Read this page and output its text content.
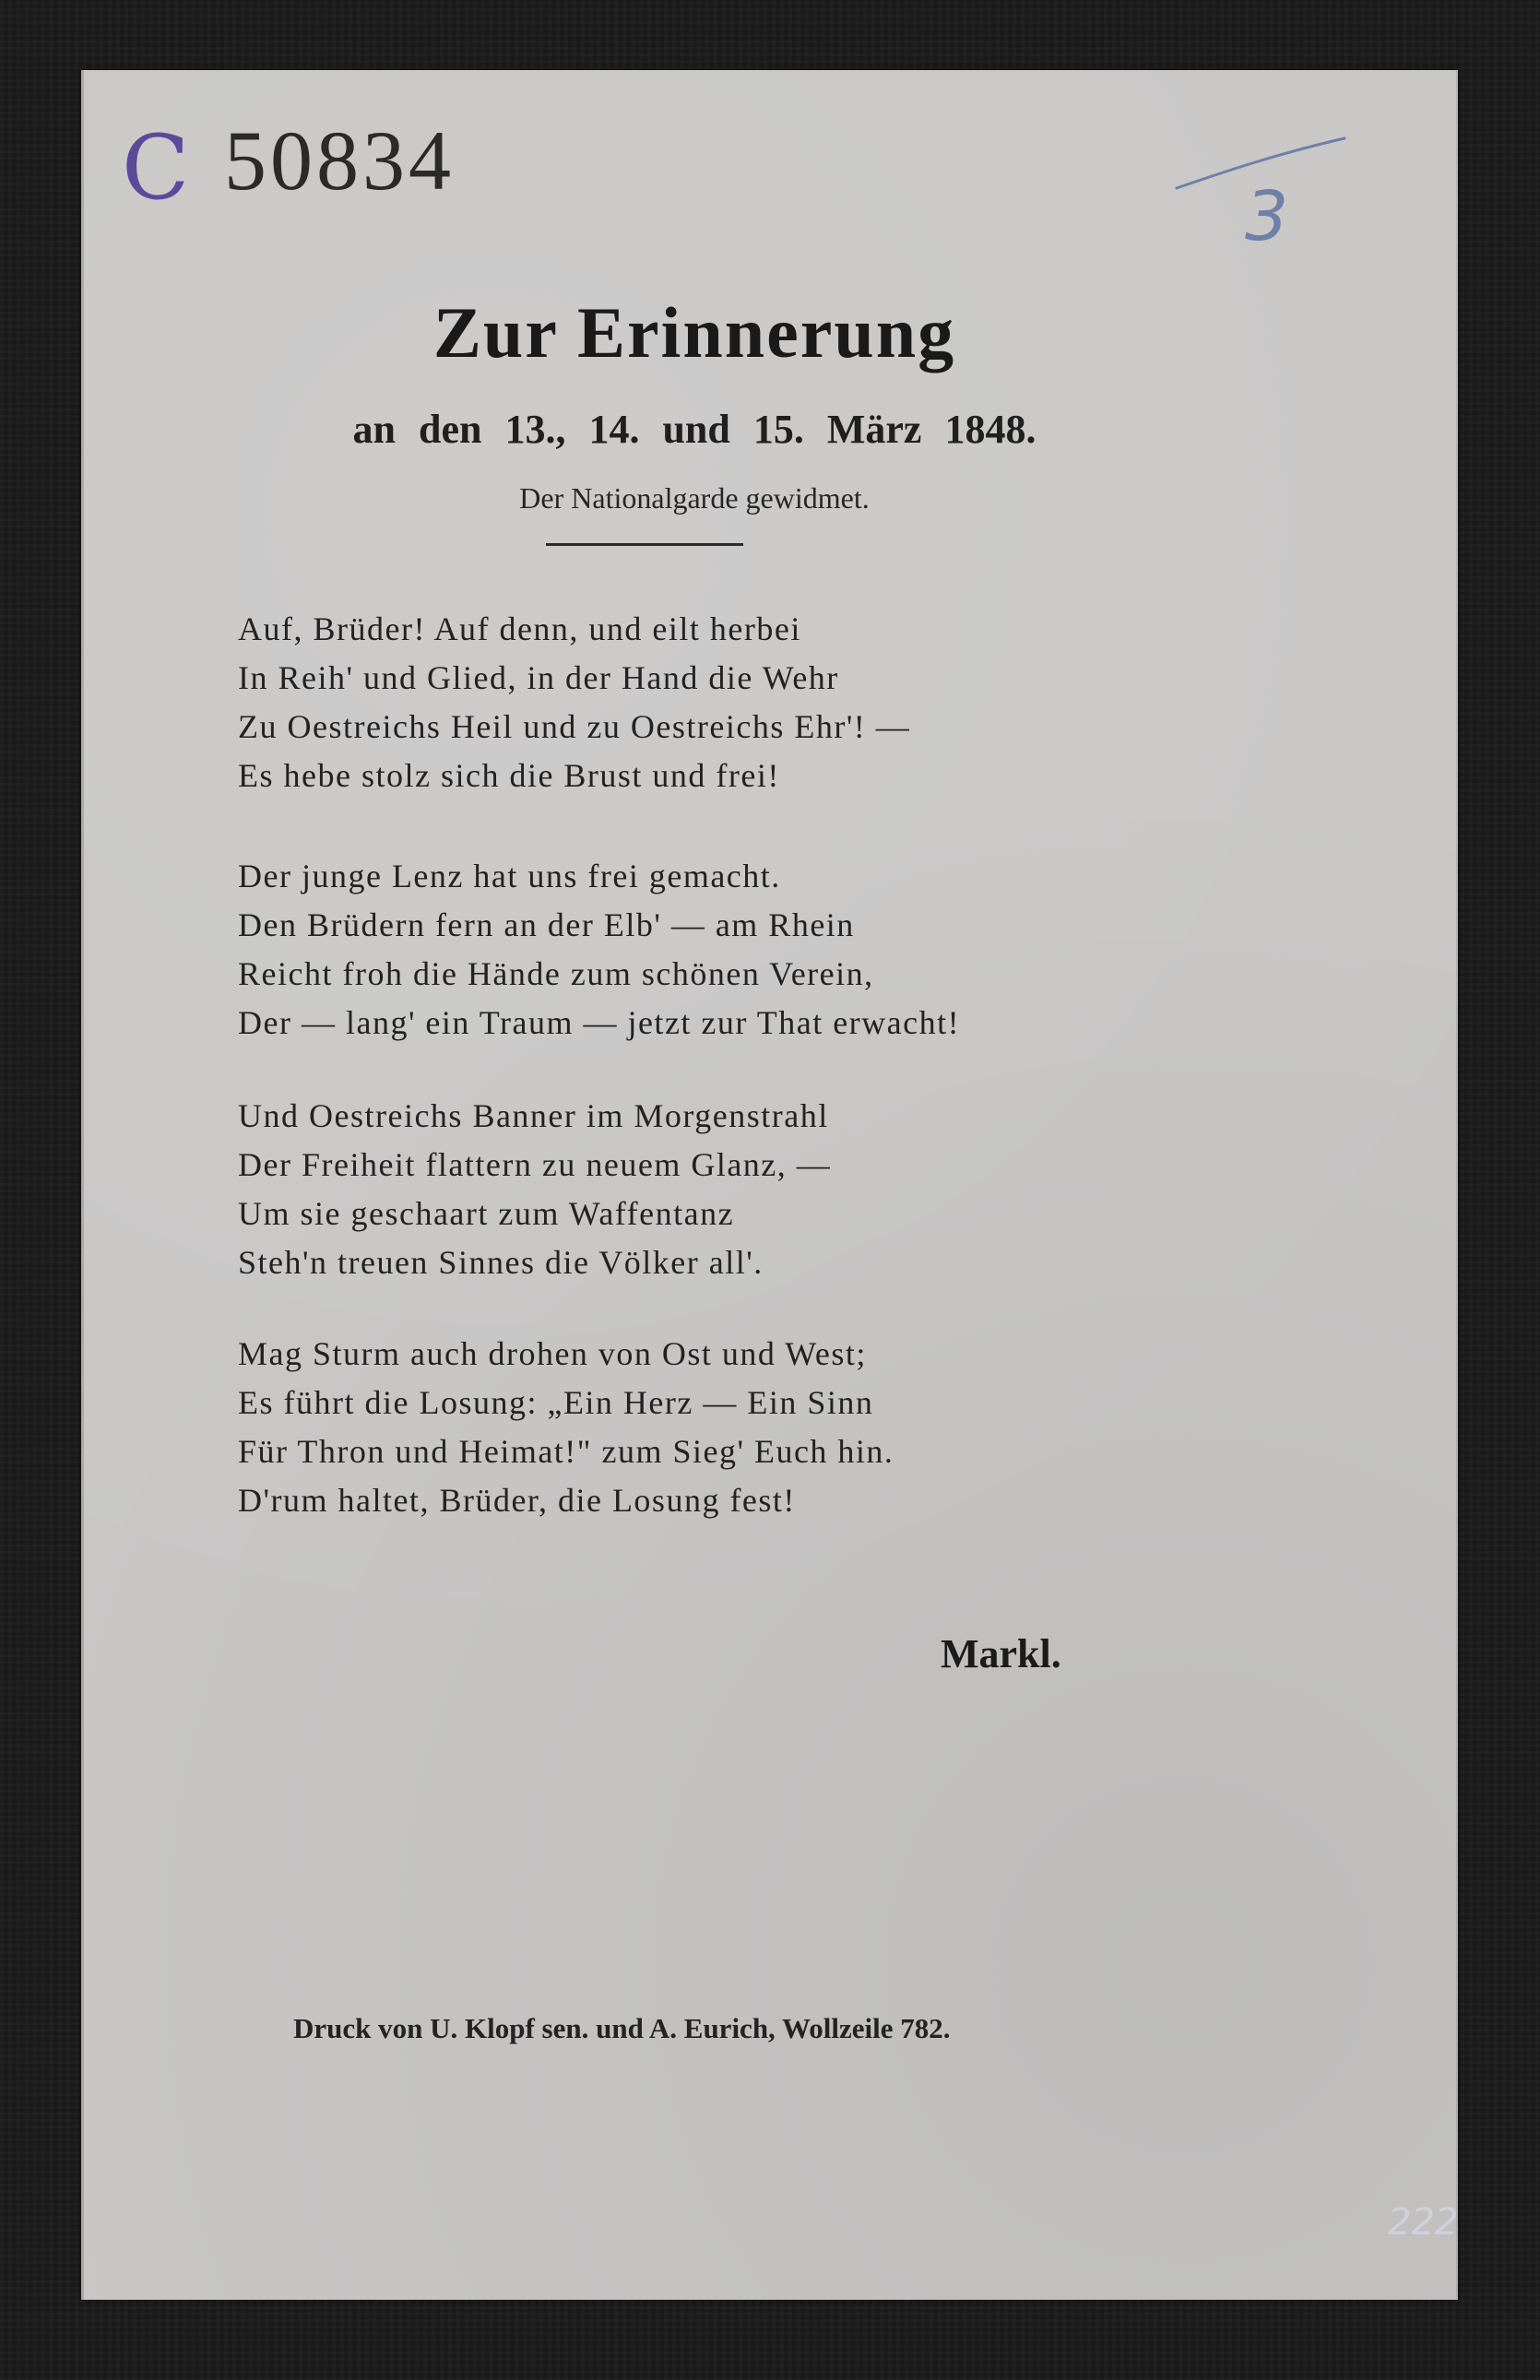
C 50834
3
Zur Erinnerung
an den 13., 14. und 15. März 1848.
Der Nationalgarde gewidmet.
Auf, Brüder! Auf denn, und eilt herbei
In Reih' und Glied, in der Hand die Wehr
Zu Oestreichs Heil und zu Oestreichs Ehr'! —
Es hebe stolz sich die Brust und frei!
Der junge Lenz hat uns frei gemacht.
Den Brüdern fern an der Elb' — am Rhein
Reicht froh die Hände zum schönen Verein,
Der — lang' ein Traum — jetzt zur That erwacht!
Und Oestreichs Banner im Morgenstrahl
Der Freiheit flattern zu neuem Glanz, —
Um sie geschaart zum Waffentanz
Steh'n treuen Sinnes die Völker all'.
Mag Sturm auch drohen von Ost und West;
Es führt die Losung: „Ein Herz — Ein Sinn
Für Thron und Heimat!" zum Sieg' Euch hin.
D'rum haltet, Brüder, die Losung fest!
Markl.
Druck von U. Klopf sen. und A. Eurich, Wollzeile 782.
222
